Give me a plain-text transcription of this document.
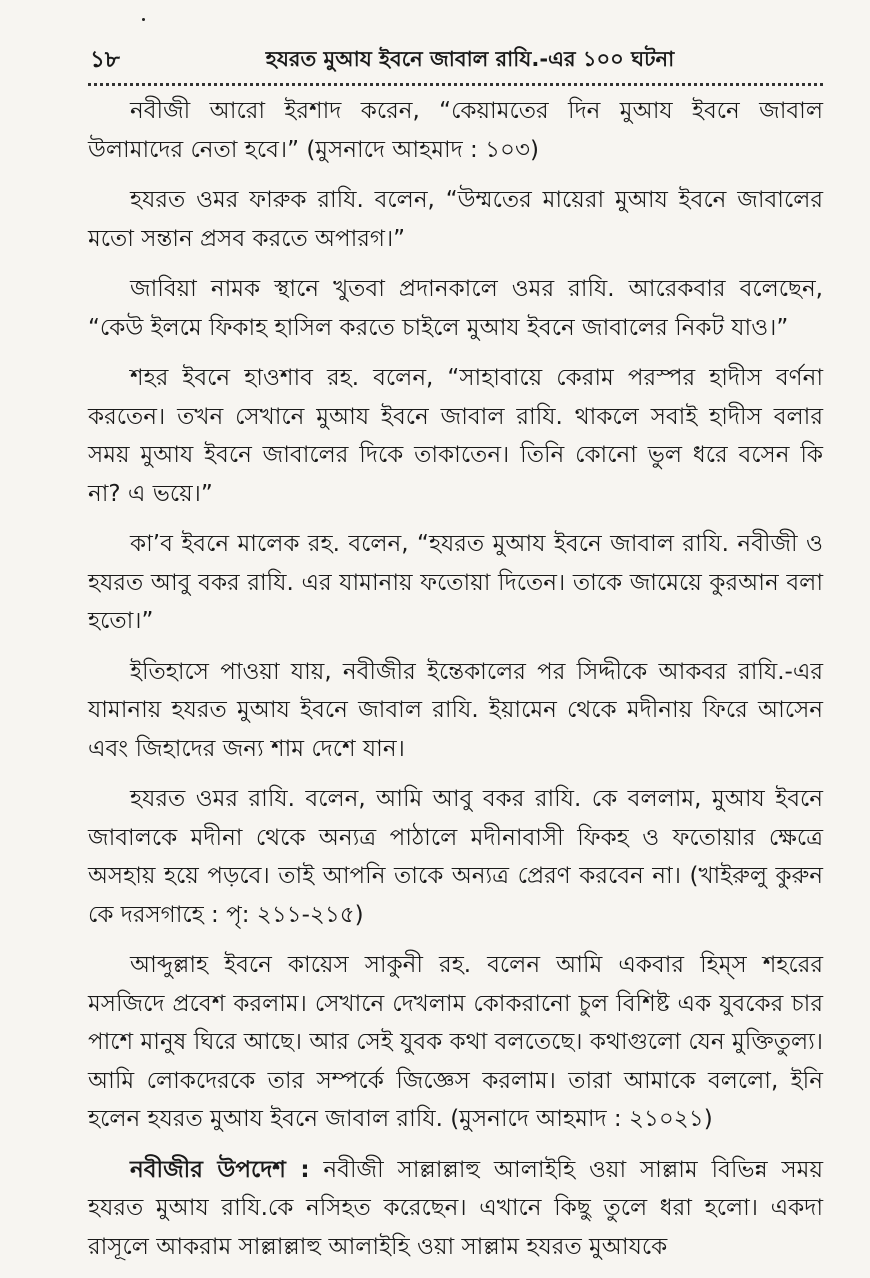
১৮	হযরত মুআয ইবনে জাবাল রাযি.-এর ১০০ ঘটনা

নবীজী আরো ইরশাদ করেন, “কেয়ামতের দিন মুআয ইবনে জাবাল উলামাদের নেতা হবে।” (মুসনাদে আহমাদ : ১০৩)

হযরত ওমর ফারুক রাযি. বলেন, “উম্মতের মায়েরা মুআয ইবনে জাবালের মতো সন্তান প্রসব করতে অপারগ।”

জাবিয়া নামক স্থানে খুতবা প্রদানকালে ওমর রাযি. আরেকবার বলেছেন, “কেউ ইলমে ফিকাহ হাসিল করতে চাইলে মুআয ইবনে জাবালের নিকট যাও।”

শহর ইবনে হাওশাব রহ. বলেন, “সাহাবায়ে কেরাম পরস্পর হাদীস বর্ণনা করতেন। তখন সেখানে মুআয ইবনে জাবাল রাযি. থাকলে সবাই হাদীস বলার সময় মুআয ইবনে জাবালের দিকে তাকাতেন। তিনি কোনো ভুল ধরে বসেন কি না? এ ভয়ে।”

কা’ব ইবনে মালেক রহ. বলেন, “হযরত মুআয ইবনে জাবাল রাযি. নবীজী ও হযরত আবু বকর রাযি. এর যামানায় ফতোয়া দিতেন। তাকে জামেয়ে কুরআন বলা হতো।”

ইতিহাসে পাওয়া যায়, নবীজীর ইন্তেকালের পর সিদ্দীকে আকবর রাযি.-এর যামানায় হযরত মুআয ইবনে জাবাল রাযি. ইয়ামেন থেকে মদীনায় ফিরে আসেন এবং জিহাদের জন্য শাম দেশে যান।

হযরত ওমর রাযি. বলেন, আমি আবু বকর রাযি. কে বললাম, মুআয ইবনে জাবালকে মদীনা থেকে অন্যত্র পাঠালে মদীনাবাসী ফিকহ ও ফতোয়ার ক্ষেত্রে অসহায় হয়ে পড়বে। তাই আপনি তাকে অন্যত্র প্রেরণ করবেন না। (খাইরুলু কুরুন কে দরসগাহে : পৃ: ২১১-২১৫)

আব্দুল্লাহ ইবনে কায়েস সাকুনী রহ. বলেন আমি একবার হিম্‌স শহরের মসজিদে প্রবেশ করলাম। সেখানে দেখলাম কোকরানো চুল বিশিষ্ট এক যুবকের চার পাশে মানুষ ঘিরে আছে। আর সেই যুবক কথা বলতেছে। কথাগুলো যেন মুক্তিতুল্য। আমি লোকদেরকে তার সম্পর্কে জিজ্ঞেস করলাম। তারা আমাকে বললো, ইনি হলেন হযরত মুআয ইবনে জাবাল রাযি. (মুসনাদে আহমাদ : ২১০২১)

নবীজীর উপদেশ : নবীজী সাল্লাল্লাহু আলাইহি ওয়া সাল্লাম বিভিন্ন সময় হযরত মুআয রাযি.কে নসিহত করেছেন। এখানে কিছু তুলে ধরা হলো। একদা রাসূলে আকরাম সাল্লাল্লাহু আলাইহি ওয়া সাল্লাম হযরত মুআযকে
